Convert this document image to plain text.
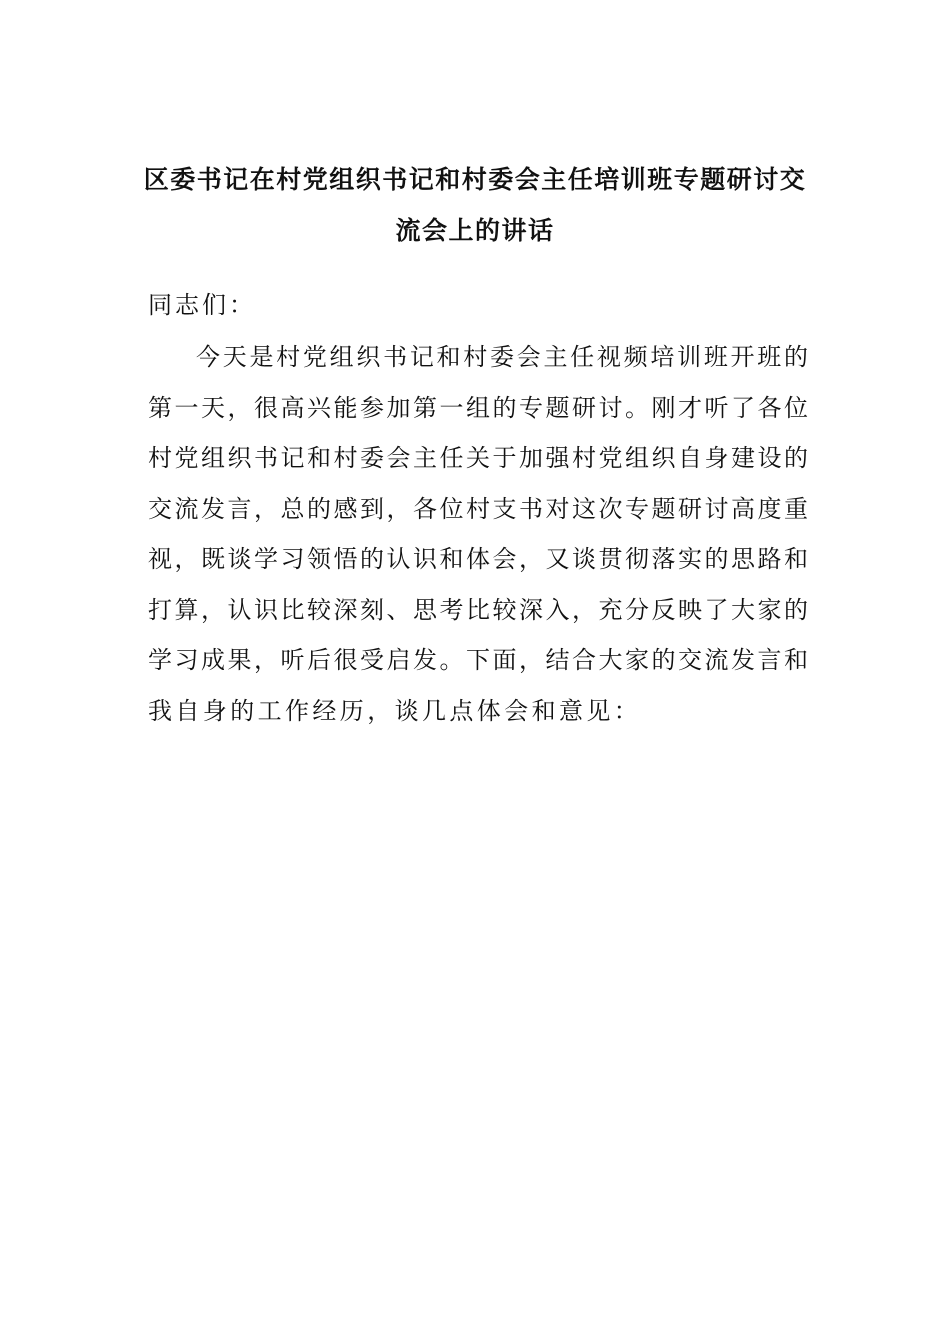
区委书记在村党组织书记和村委会主任培训班专题研讨交
流会上的讲话
同志们：
今天是村党组织书记和村委会主任视频培训班开班的
第一天，很高兴能参加第一组的专题研讨。刚才听了各位
村党组织书记和村委会主任关于加强村党组织自身建设的
交流发言，总的感到，各位村支书对这次专题研讨高度重
视，既谈学习领悟的认识和体会，又谈贯彻落实的思路和
打算，认识比较深刻、思考比较深入，充分反映了大家的
学习成果，听后很受启发。下面，结合大家的交流发言和
我自身的工作经历，谈几点体会和意见：
